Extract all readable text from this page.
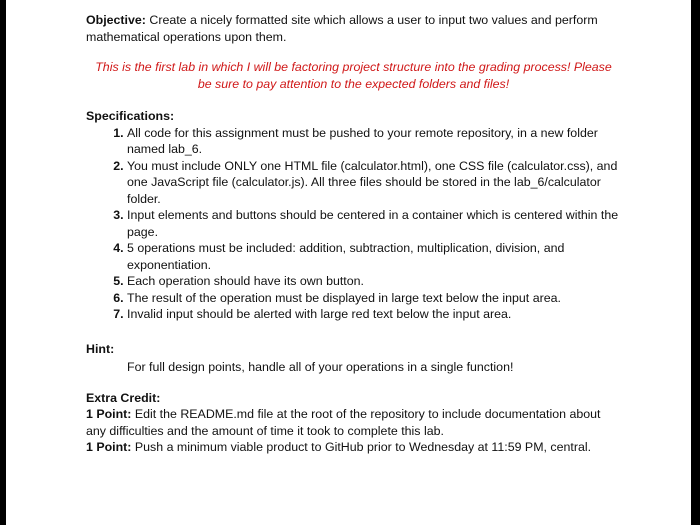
Objective: Create a nicely formatted site which allows a user to input two values and perform mathematical operations upon them.

This is the first lab in which I will be factoring project structure into the grading process! Please be sure to pay attention to the expected folders and files!

Specifications:
1. All code for this assignment must be pushed to your remote repository, in a new folder named lab_6.
2. You must include ONLY one HTML file (calculator.html), one CSS file (calculator.css), and one JavaScript file (calculator.js). All three files should be stored in the lab_6/calculator folder.
3. Input elements and buttons should be centered in a container which is centered within the page.
4. 5 operations must be included: addition, subtraction, multiplication, division, and exponentiation.
5. Each operation should have its own button.
6. The result of the operation must be displayed in large text below the input area.
7. Invalid input should be alerted with large red text below the input area.
Hint:
For full design points, handle all of your operations in a single function!
Extra Credit:

1 Point: Edit the README.md file at the root of the repository to include documentation about any difficulties and the amount of time it took to complete this lab.

1 Point: Push a minimum viable product to GitHub prior to Wednesday at 11:59 PM, central.
